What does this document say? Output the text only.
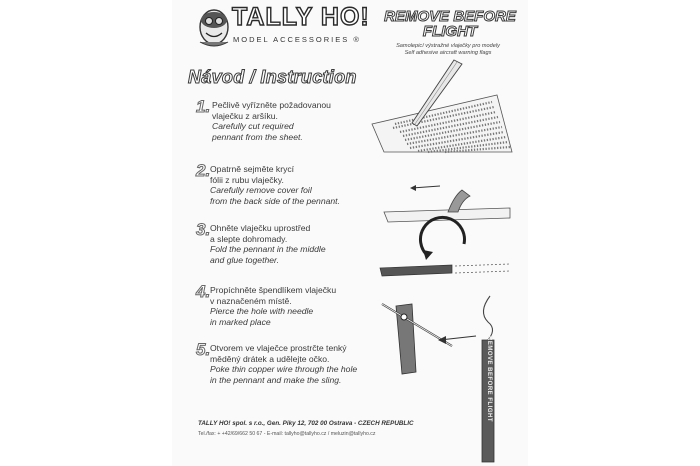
TALLY HO!
MODEL ACCESSORIES ®
REMOVE BEFORE
FLIGHT
Samolepicí výstražné vlaječky pro modely
Self adhesive aircraft warning flags
Návod / Instruction
1. Pečlivě vyřízněte požadovanou
vlaječku z aršíku.
Carefully cut required
pennant from the sheet.
2. Opatrně sejměte krycí
fólii z rubu vlaječky.
Carefully remove cover foil
from the back side of the pennant.
3. Ohněte vlaječku uprostřed
a slepte dohromady.
Fold the pennant in the middle
and glue together.
4. Propíchněte špendlíkem vlaječku
v naznačeném místě.
Pierce the hole with needle
in marked place
5. Otvorem ve vlaječce prostrčte tenký
měděný drátek a udělejte očko.
Poke thin copper wire through the hole
in the pennant and make the sling.	REMOVE BEFORE FLIGHT
TALLY HO! spol. s r.o., Gen. Piky 12, 702 00 Ostrava - CZECH REPUBLIC
Tel./fax: + +42/69/662 50 67 - E-mail: tallyho@tallyho.cz / meluzin@tallyho.cz
